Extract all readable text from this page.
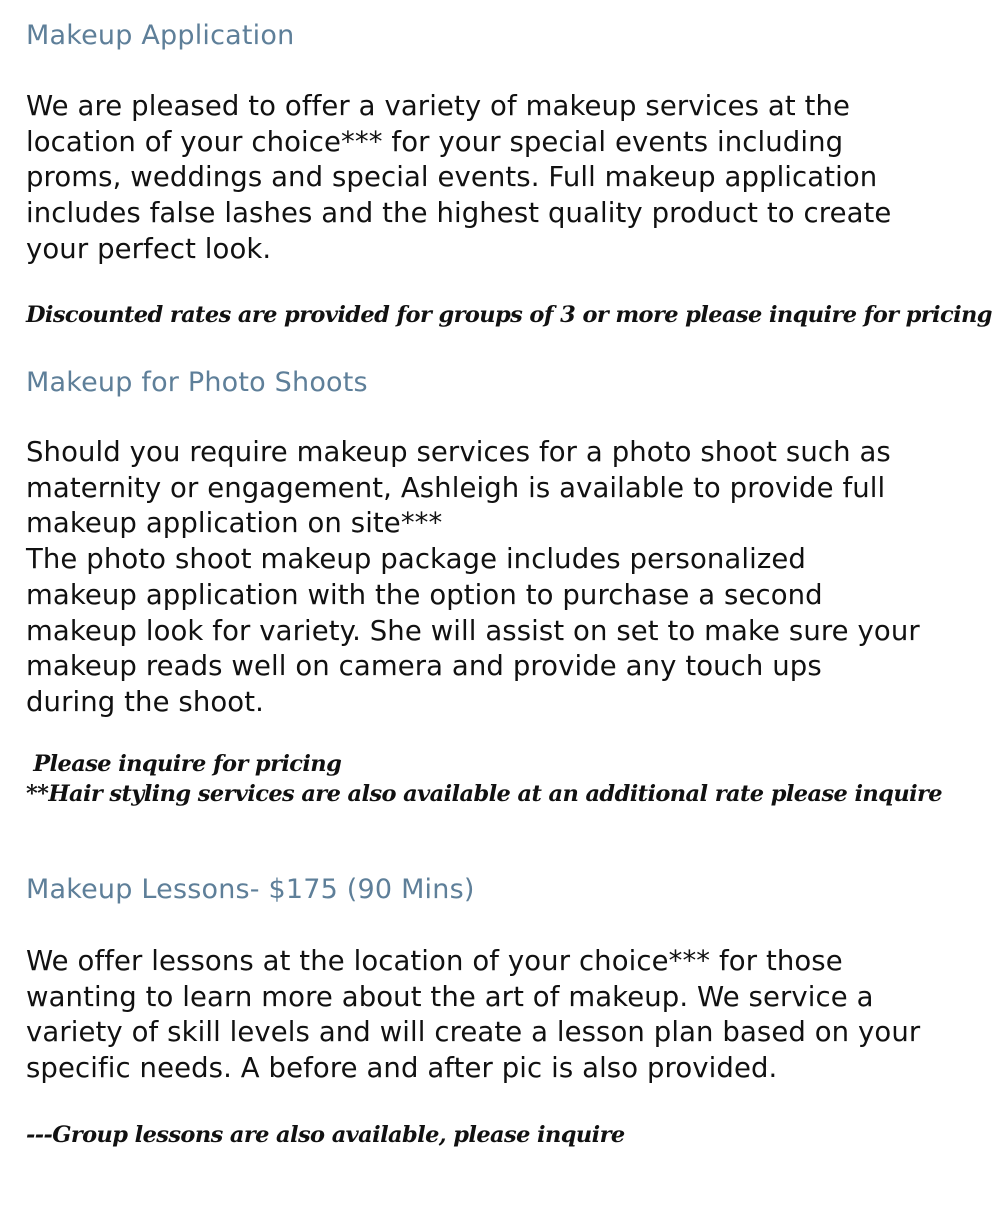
Makeup Application

We are pleased to offer a variety of makeup services at the
location of your choice*** for your special events including
proms, weddings and special events. Full makeup application
includes false lashes and the highest quality product to create
your perfect look.

Discounted rates are provided for groups of 3 or more please inquire for pricing
Makeup for Photo Shoots

Should you require makeup services for a photo shoot such as
maternity or engagement, Ashleigh is available to provide full
makeup application on site***
The photo shoot makeup package includes personalized
makeup application with the option to purchase a second
makeup look for variety. She will assist on set to make sure your
makeup reads well on camera and provide any touch ups
during the shoot.

Please inquire for pricing
**Hair styling services are also available at an additional rate please inquire
Makeup Lessons- $175 (90 Mins)

We offer lessons at the location of your choice*** for those
wanting to learn more about the art of makeup. We service a
variety of skill levels and will create a lesson plan based on your
specific needs. A before and after pic is also provided.

---Group lessons are also available, please inquire
